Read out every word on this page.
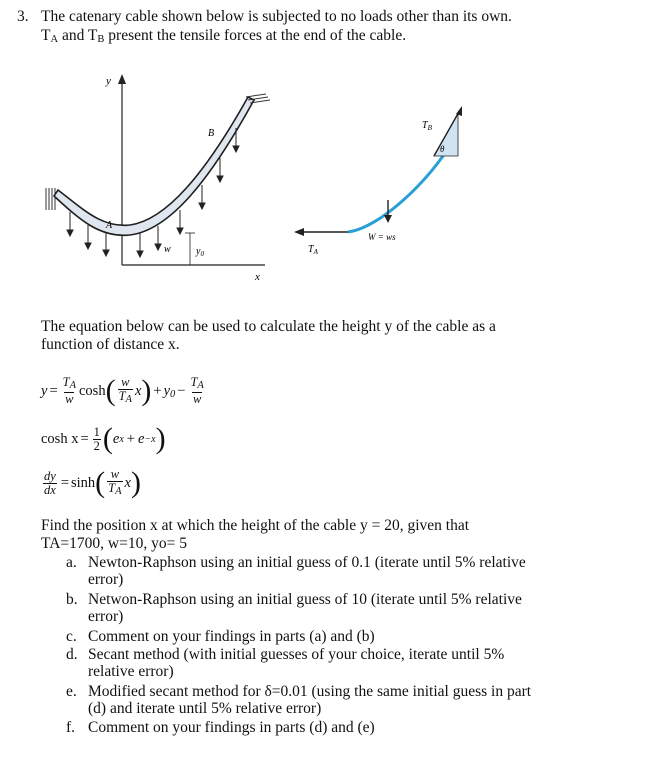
3. The catenary cable shown below is subjected to no loads other than its own.
TA and TB present the tensile forces at the end of the cable.
y
x
A
B
w	$y_0$	$T_A$
W = ws
$T_B$
θ
The equation below can be used to calculate the height y of the cable as a
function of distance x.
$y = \frac{TA}{w}$ cosh ( $\frac{w}{TA}$ x ) + $y0 - \frac{TA}{w}$
$\cosh x = \frac{1}{2}$ ( e x + e −x )
$\frac{dy}{dx} = \sinh$ ( $\frac{w}{TA}$ x )
Find the position x at which the height of the cable y = 20, given that
TA=1700, w=10, yo= 5
a. Newton-Raphson using an initial guess of 0.1 (iterate until 5% relative
error)
b. Netwon-Raphson using an initial guess of 10 (iterate until 5% relative
error)
c. Comment on your findings in parts (a) and (b)
d. Secant method (with initial guesses of your choice, iterate until 5%
relative error)
e. Modified secant method for δ=0.01 (using the same initial guess in part
(d) and iterate until 5% relative error)
f. Comment on your findings in parts (d) and (e)
